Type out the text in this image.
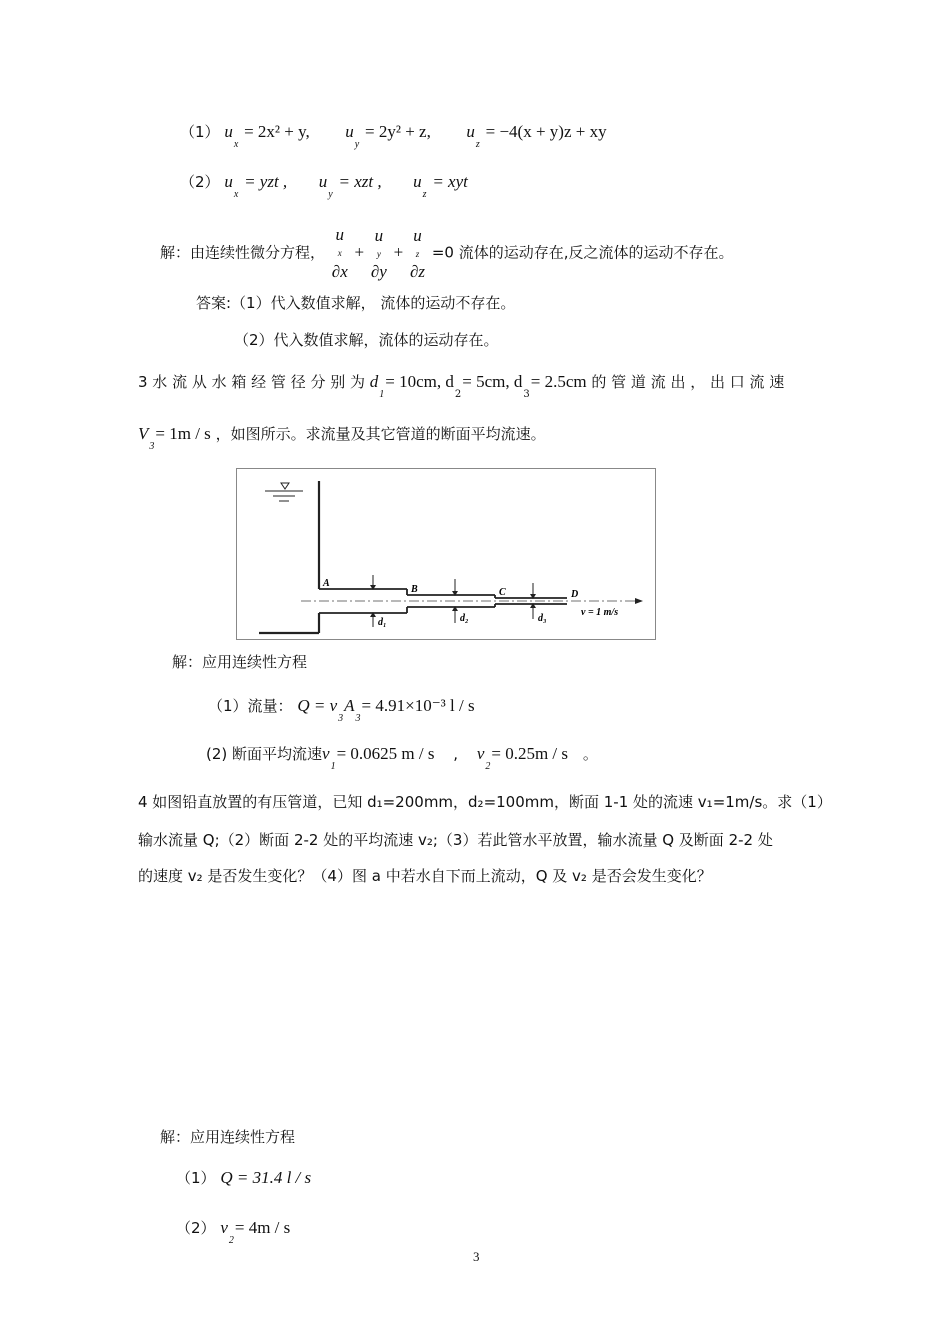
（1） $u_x = 2x^2 + y$, $u_y = 2y^2 + z$, $u_z = -4(x + y)z$ + xy
（2） $u_x$ = yzt , $u_y$ = xzt , $u_z$ = xyt
解：由连续性微分方程，
u
x
∂x
+
u
y
∂y
+
u
z
∂z
=0 流体的运动存在,反之流体的运动不存在。
答案:（1）代入数值求解， 流体的运动不存在。
（2）代入数值求解，流体的运动存在。
3 水 流 从 水 箱 经 管 径 分 别 为 $d_1= 10cm$, $d_2= 5cm$, $d_3= 2.5cm$ 的 管 道 流 出 ， 出 口 流 速
$V_3= 1m / s$ ，如图所示。求流量及其它管道的断面平均流速。
A
B	C	D
d₁	d₂	d₃
v = 1 m/s
解：应用连续性方程
（1）流量： $Q = v_3A_3= 4.91\times 10^{-3}$ l / s
(2) 断面平均流速$v_1= 0.0625$ m / s , $v_2= 0.25m / s$ 。
4 如图铅直放置的有压管道，已知 d₁=200mm，d₂=100mm，断面 1-1 处的流速 v₁=1m/s。求（1）
输水流量 Q;（2）断面 2-2 处的平均流速 v₂;（3）若此管水平放置，输水流量 Q 及断面 2-2 处
的速度 v₂ 是否发生变化？（4）图 a 中若水自下而上流动，Q 及 v₂ 是否会发生变化？
解：应用连续性方程
（1） Q = 31.4 l / s
（2） $v_2= 4m / s$
3
